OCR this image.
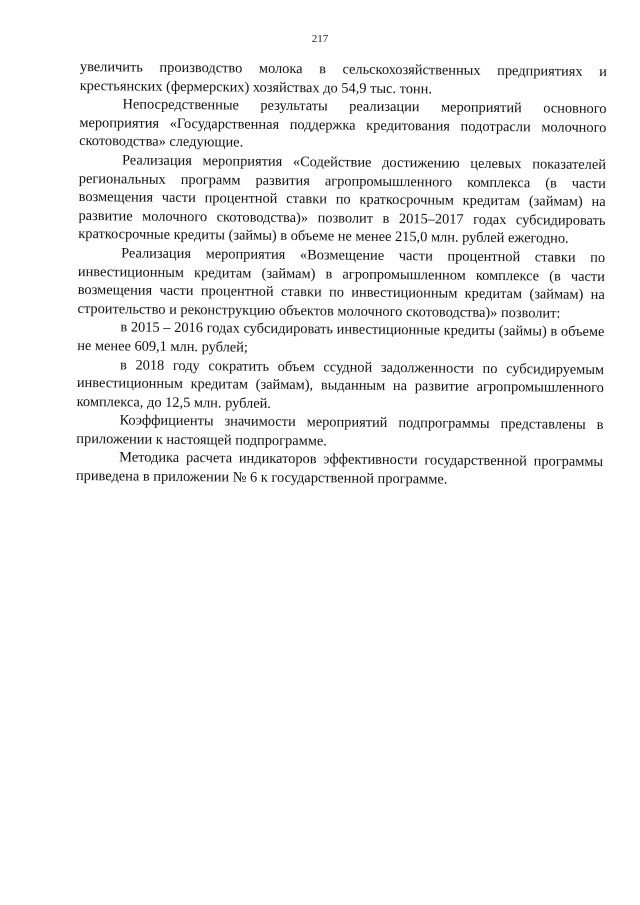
217

увеличить производство молока в сельскохозяйственных предприятиях и крестьянских (фермерских) хозяйствах до 54,9 тыс. тонн.

Непосредственные результаты реализации мероприятий основного мероприятия «Государственная поддержка кредитования подотрасли молочного скотоводства» следующие.

Реализация мероприятия «Содействие достижению целевых показателей региональных программ развития агропромышленного комплекса (в части возмещения части процентной ставки по краткосрочным кредитам (займам) на развитие молочного скотоводства)» позволит в 2015–2017 годах субсидировать краткосрочные кредиты (займы) в объеме не менее 215,0 млн. рублей ежегодно.

Реализация мероприятия «Возмещение части процентной ставки по инвестиционным кредитам (займам) в агропромышленном комплексе (в части возмещения части процентной ставки по инвестиционным кредитам (займам) на строительство и реконструкцию объектов молочного скотоводства)» позволит:

в 2015 – 2016 годах субсидировать инвестиционные кредиты (займы) в объеме не менее 609,1 млн. рублей;

в 2018 году сократить объем ссудной задолженности по субсидируемым инвестиционным кредитам (займам), выданным на развитие агропромышленного комплекса, до 12,5 млн. рублей.

Коэффициенты значимости мероприятий подпрограммы представлены в приложении к настоящей подпрограмме.

Методика расчета индикаторов эффективности государственной программы приведена в приложении № 6 к государственной программе.
